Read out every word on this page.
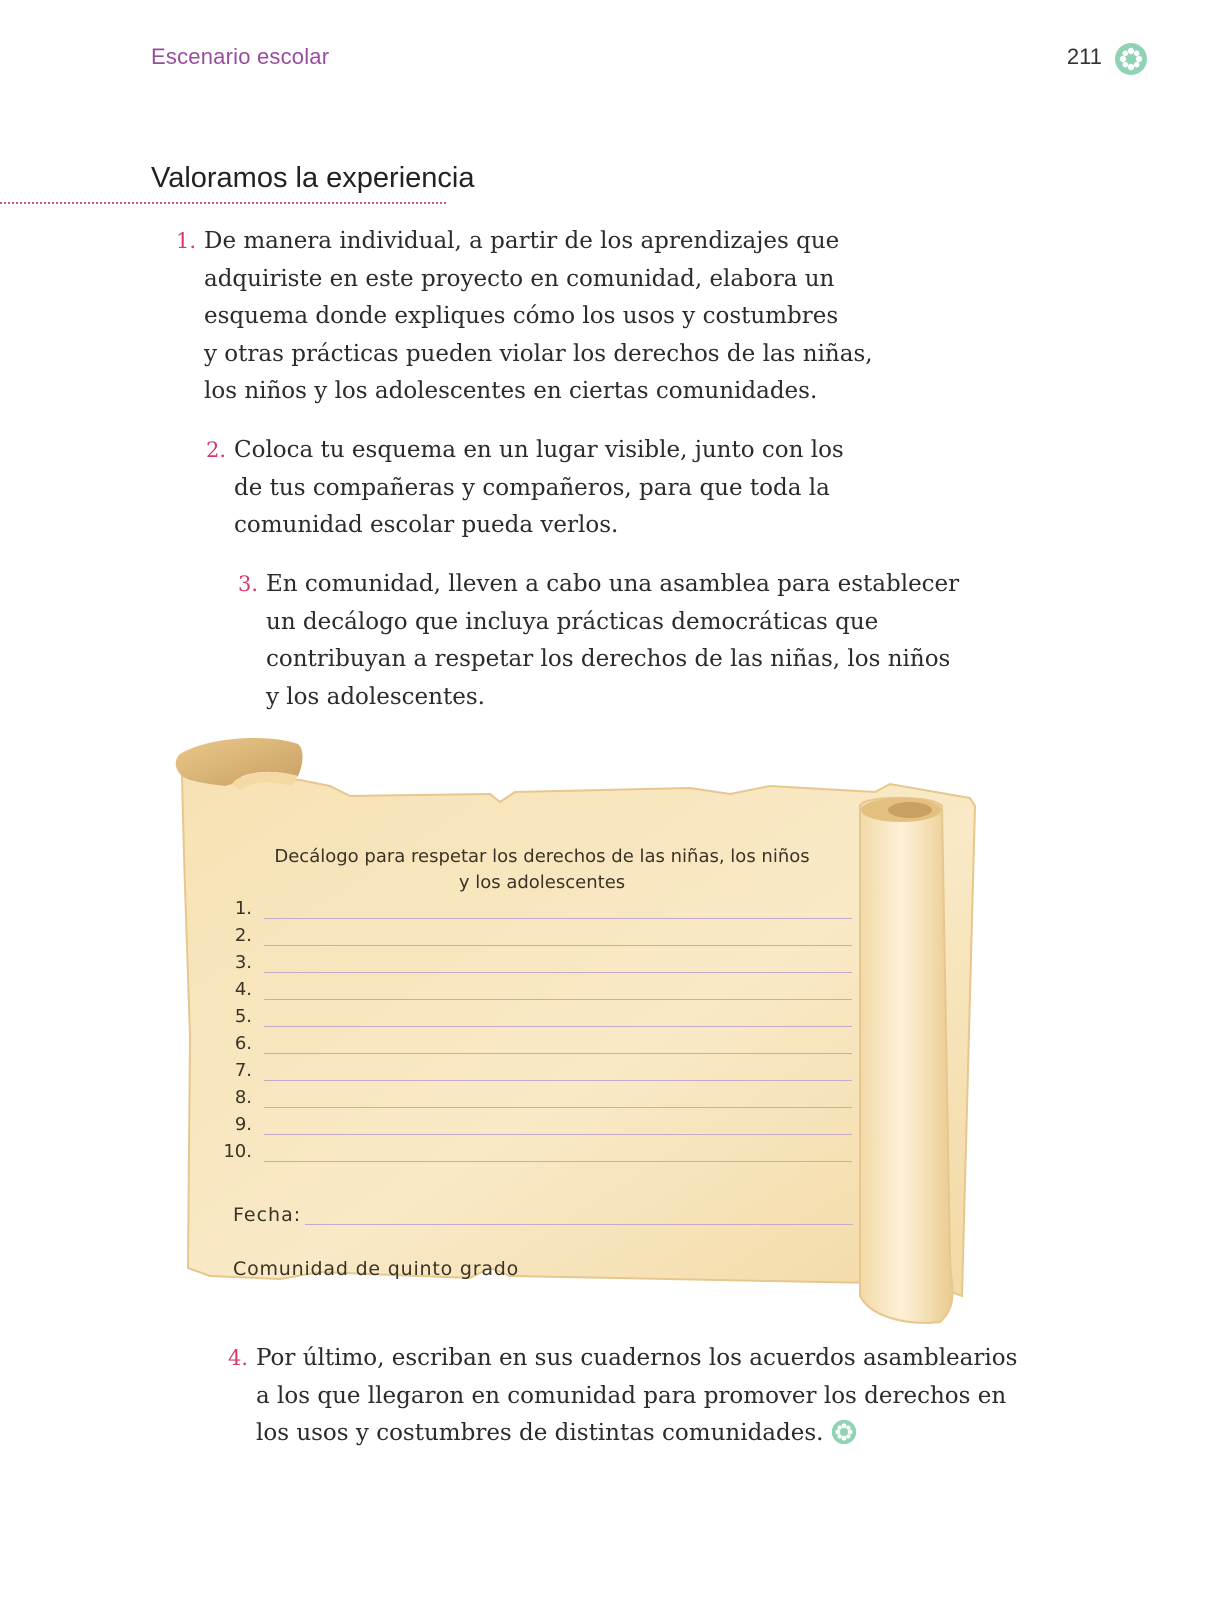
Escenario escolar	211
Valoramos la experiencia
1. De manera individual, a partir de los aprendizajes que
adquiriste en este proyecto en comunidad, elabora un
esquema donde expliques cómo los usos y costumbres
y otras prácticas pueden violar los derechos de las niñas,
los niños y los adolescentes en ciertas comunidades.
2. Coloca tu esquema en un lugar visible, junto con los
de tus compañeras y compañeros, para que toda la
comunidad escolar pueda verlos.
3. En comunidad, lleven a cabo una asamblea para establecer
un decálogo que incluya prácticas democráticas que
contribuyan a respetar los derechos de las niñas, los niños
y los adolescentes.
Decálogo para respetar los derechos de las niñas, los niños
y los adolescentes
1.
2.
3.
4.
5.
6.
7.
8.
9.
10.
Fecha:
Comunidad de quinto grado
4. Por último, escriban en sus cuadernos los acuerdos asamblearios
a los que llegaron en comunidad para promover los derechos en
los usos y costumbres de distintas comunidades.
